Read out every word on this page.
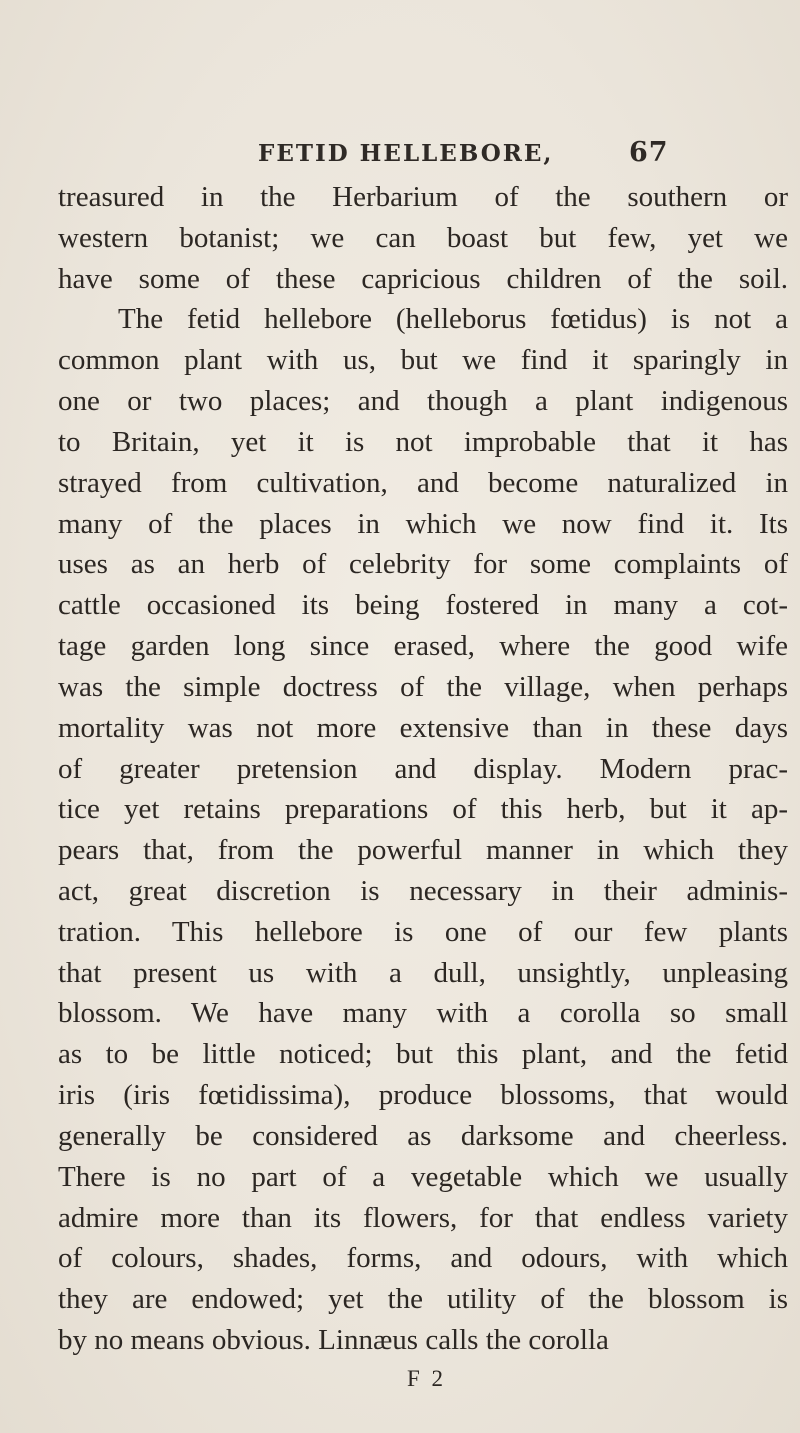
FETID HELLEBORE,	67
treasured in the Herbarium of the southern or
western botanist; we can boast but few, yet we
have some of these capricious children of the soil.
The fetid hellebore (helleborus fœtidus) is not a
common plant with us, but we find it sparingly in
one or two places; and though a plant indigenous
to Britain, yet it is not improbable that it has
strayed from cultivation, and become naturalized in
many of the places in which we now find it. Its
uses as an herb of celebrity for some complaints of
cattle occasioned its being fostered in many a cot-
tage garden long since erased, where the good wife
was the simple doctress of the village, when perhaps
mortality was not more extensive than in these days
of greater pretension and display. Modern prac-
tice yet retains preparations of this herb, but it ap-
pears that, from the powerful manner in which they
act, great discretion is necessary in their adminis-
tration. This hellebore is one of our few plants
that present us with a dull, unsightly, unpleasing
blossom. We have many with a corolla so small
as to be little noticed; but this plant, and the fetid
iris (iris fœtidissima), produce blossoms, that would
generally be considered as darksome and cheerless.
There is no part of a vegetable which we usually
admire more than its flowers, for that endless variety
of colours, shades, forms, and odours, with which
they are endowed; yet the utility of the blossom is
by no means obvious. Linnæus calls the corolla
F 2
